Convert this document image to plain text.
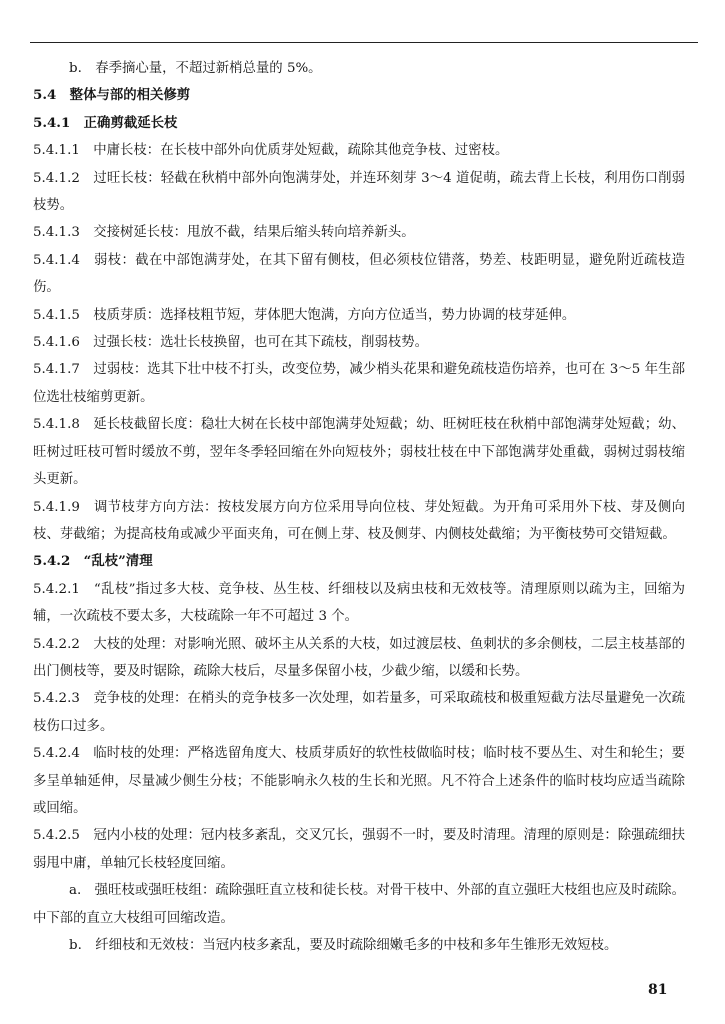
b.　春季摘心量，不超过新梢总量的 5%。

5.4　整体与部的相关修剪

5.4.1　正确剪截延长枝

5.4.1.1　中庸长枝：在长枝中部外向优质芽处短截，疏除其他竞争枝、过密枝。

5.4.1.2　过旺长枝：轻截在秋梢中部外向饱满芽处，并连环刻芽 3～4 道促萌，疏去背上长枝，利用伤口削弱枝势。

5.4.1.3　交接树延长枝：甩放不截，结果后缩头转向培养新头。

5.4.1.4　弱枝：截在中部饱满芽处，在其下留有侧枝，但必须枝位错落，势差、枝距明显，避免附近疏枝造伤。

5.4.1.5　枝质芽质：选择枝粗节短，芽体肥大饱满，方向方位适当，势力协调的枝芽延伸。

5.4.1.6　过强长枝：选壮长枝换留，也可在其下疏枝，削弱枝势。

5.4.1.7　过弱枝：选其下壮中枝不打头，改变位势，减少梢头花果和避免疏枝造伤培养，也可在 3～5 年生部位选壮枝缩剪更新。

5.4.1.8　延长枝截留长度：稳壮大树在长枝中部饱满芽处短截；幼、旺树旺枝在秋梢中部饱满芽处短截；幼、旺树过旺枝可暂时缓放不剪，翌年冬季轻回缩在外向短枝外；弱枝壮枝在中下部饱满芽处重截，弱树过弱枝缩头更新。

5.4.1.9　调节枝芽方向方法：按枝发展方向方位采用导向位枝、芽处短截。为开角可采用外下枝、芽及侧向枝、芽截缩；为提高枝角或减少平面夹角，可在侧上芽、枝及侧芽、内侧枝处截缩；为平衡枝势可交错短截。

5.4.2　“乱枝”清理

5.4.2.1　“乱枝”指过多大枝、竞争枝、丛生枝、纤细枝以及病虫枝和无效枝等。清理原则以疏为主，回缩为辅，一次疏枝不要太多，大枝疏除一年不可超过 3 个。

5.4.2.2　大枝的处理：对影响光照、破坏主从关系的大枝，如过渡层枝、鱼刺状的多余侧枝，二层主枝基部的出门侧枝等，要及时锯除，疏除大枝后，尽量多保留小枝，少截少缩，以缓和长势。

5.4.2.3　竞争枝的处理：在梢头的竞争枝多一次处理，如若量多，可采取疏枝和极重短截方法尽量避免一次疏枝伤口过多。

5.4.2.4　临时枝的处理：严格选留角度大、枝质芽质好的软性枝做临时枝；临时枝不要丛生、对生和轮生；要多呈单轴延伸，尽量减少侧生分枝；不能影响永久枝的生长和光照。凡不符合上述条件的临时枝均应适当疏除或回缩。

5.4.2.5　冠内小枝的处理：冠内枝多紊乱，交叉冗长，强弱不一时，要及时清理。清理的原则是：除强疏细扶弱甩中庸，单轴冗长枝轻度回缩。

a.　强旺枝或强旺枝组：疏除强旺直立枝和徒长枝。对骨干枝中、外部的直立强旺大枝组也应及时疏除。中下部的直立大枝组可回缩改造。

b.　纤细枝和无效枝：当冠内枝多紊乱，要及时疏除细嫩毛多的中枝和多年生锥形无效短枝。

81
